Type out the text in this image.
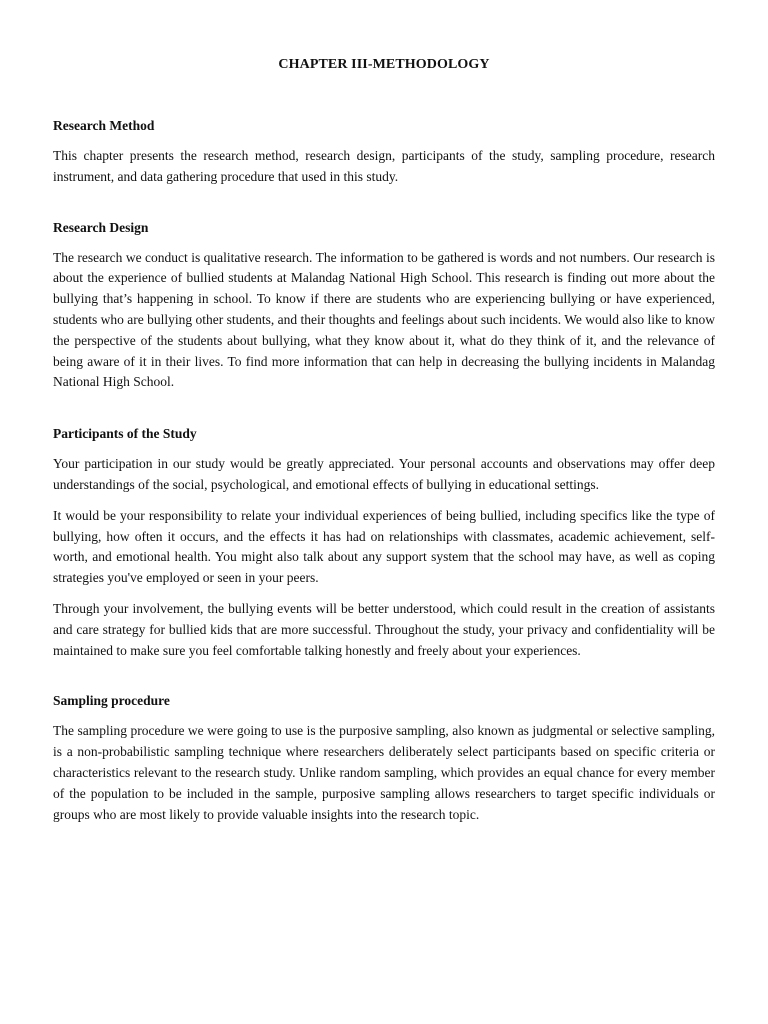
CHAPTER III-METHODOLOGY
Research Method

This chapter presents the research method, research design, participants of the study, sampling procedure, research instrument, and data gathering procedure that used in this study.

Research Design

The research we conduct is qualitative research. The information to be gathered is words and not numbers. Our research is about the experience of bullied students at Malandag National High School. This research is finding out more about the bullying that’s happening in school. To know if there are students who are experiencing bullying or have experienced, students who are bullying other students, and their thoughts and feelings about such incidents. We would also like to know the perspective of the students about bullying, what they know about it, what do they think of it, and the relevance of being aware of it in their lives. To find more information that can help in decreasing the bullying incidents in Malandag National High School.

Participants of the Study

Your participation in our study would be greatly appreciated. Your personal accounts and observations may offer deep understandings of the social, psychological, and emotional effects of bullying in educational settings.

It would be your responsibility to relate your individual experiences of being bullied, including specifics like the type of bullying, how often it occurs, and the effects it has had on relationships with classmates, academic achievement, self-worth, and emotional health. You might also talk about any support system that the school may have, as well as coping strategies you've employed or seen in your peers.

Through your involvement, the bullying events will be better understood, which could result in the creation of assistants and care strategy for bullied kids that are more successful. Throughout the study, your privacy and confidentiality will be maintained to make sure you feel comfortable talking honestly and freely about your experiences.

Sampling procedure

The sampling procedure we were going to use is the purposive sampling, also known as judgmental or selective sampling, is a non-probabilistic sampling technique where researchers deliberately select participants based on specific criteria or characteristics relevant to the research study. Unlike random sampling, which provides an equal chance for every member of the population to be included in the sample, purposive sampling allows researchers to target specific individuals or groups who are most likely to provide valuable insights into the research topic.
